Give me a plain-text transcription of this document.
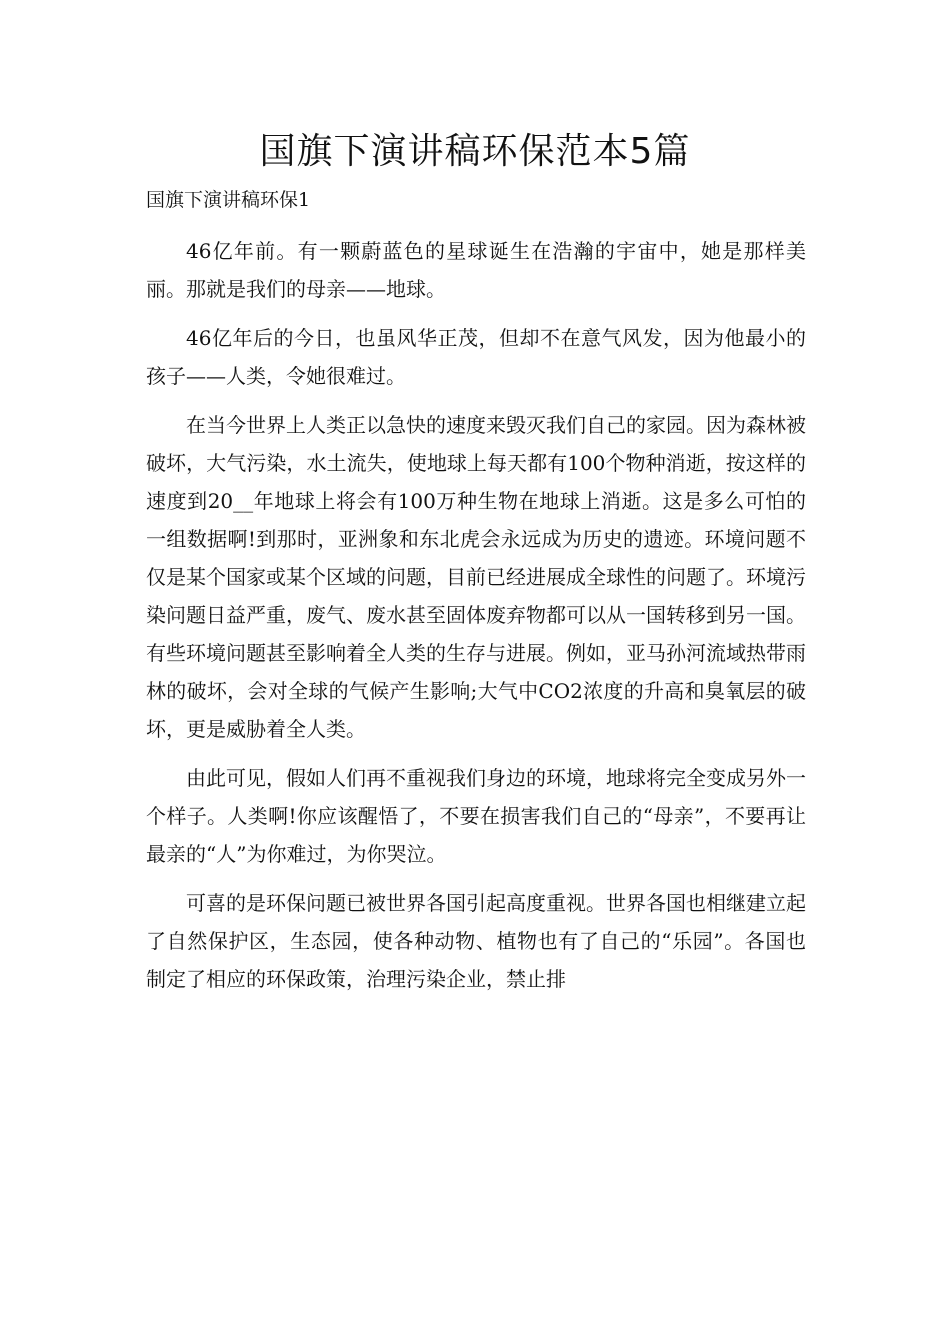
国旗下演讲稿环保范本5篇

国旗下演讲稿环保1

46亿年前。有一颗蔚蓝色的星球诞生在浩瀚的宇宙中，她是那样美丽。那就是我们的母亲——地球。

46亿年后的今日，也虽风华正茂，但却不在意气风发，因为他最小的孩子——人类，令她很难过。

在当今世界上人类正以急快的速度来毁灭我们自己的家园。因为森林被破坏，大气污染，水土流失，使地球上每天都有100个物种消逝，按这样的速度到20__年地球上将会有100万种生物在地球上消逝。这是多么可怕的一组数据啊!到那时，亚洲象和东北虎会永远成为历史的遗迹。环境问题不仅是某个国家或某个区域的问题，目前已经进展成全球性的问题了。环境污染问题日益严重，废气、废水甚至固体废弃物都可以从一国转移到另一国。有些环境问题甚至影响着全人类的生存与进展。例如，亚马孙河流域热带雨林的破坏，会对全球的气候产生影响;大气中CO2浓度的升高和臭氧层的破坏，更是威胁着全人类。

由此可见，假如人们再不重视我们身边的环境，地球将完全变成另外一个样子。人类啊!你应该醒悟了，不要在损害我们自己的“母亲”，不要再让最亲的“人”为你难过，为你哭泣。

可喜的是环保问题已被世界各国引起高度重视。世界各国也相继建立起了自然保护区，生态园，使各种动物、植物也有了自己的“乐园”。各国也制定了相应的环保政策，治理污染企业，禁止排
